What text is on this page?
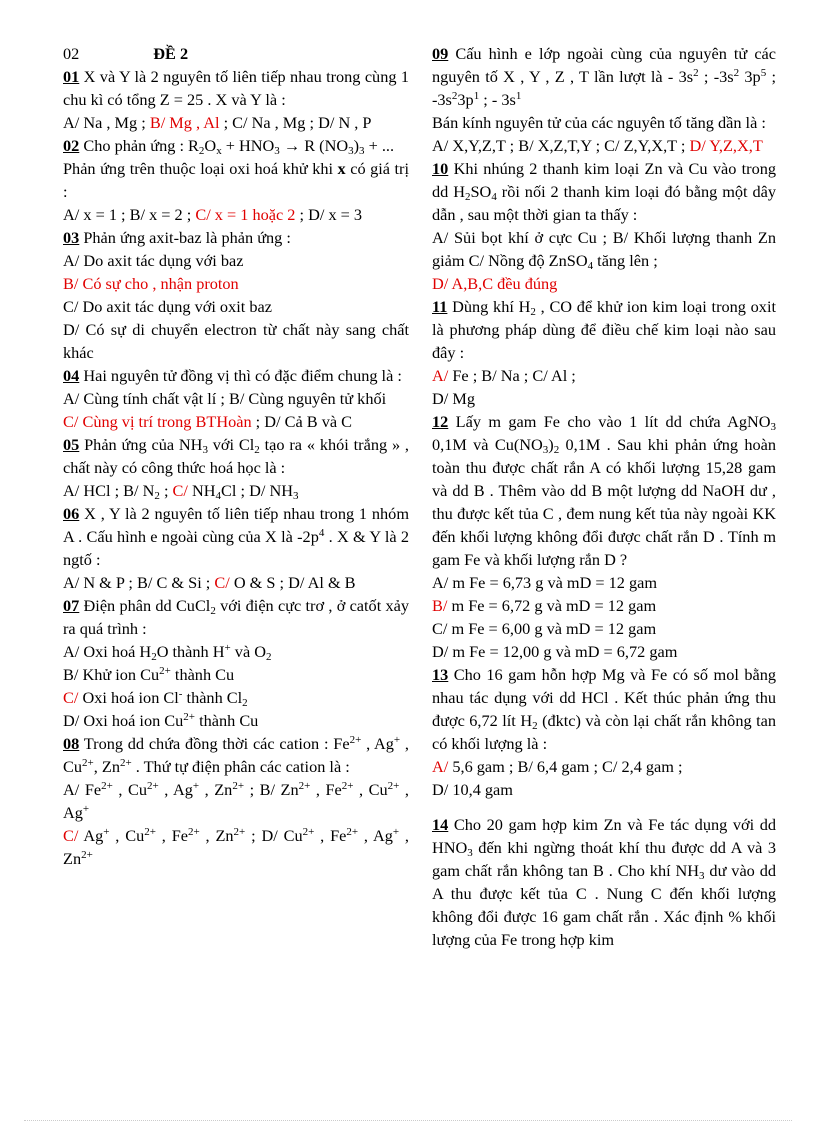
02	ĐỀ 2
01 X và Y là 2 nguyên tố liên tiếp nhau trong cùng 1 chu kì có tổng Z = 25 . X và Y là :
A/ Na , Mg ; B/ Mg , Al ; C/ Na , Mg ; D/ N , P
02 Cho phản ứng : $R_2O_x + HNO_3 \to R$ $(NO_3)_3$ + ...
Phản ứng trên thuộc loại oxi hoá khử khi x có giá trị :
A/ x = 1 ; B/ x = 2 ; C/ x = 1 hoặc 2 ; D/ x = 3
03 Phản ứng axit-baz là phản ứng :
A/ Do axit tác dụng với baz
B/ Có sự cho , nhận proton
C/ Do axit tác dụng với oxit baz
D/ Có sự di chuyển electron từ chất này sang chất khác
04 Hai nguyên tử đồng vị thì có đặc điểm chung là :
A/ Cùng tính chất vật lí ; B/ Cùng nguyên tử khối
C/ Cùng vị trí trong BTHoàn ; D/ Cả B và C
05 Phản ứng của $NH_3$ với $Cl_2$ tạo ra « khói trắng » , chất này có công thức hoá học là :
A/ HCl ; B/ $N_2$ ; C/ $NH_4Cl$ ; D/ $NH_3$
06 X , Y là 2 nguyên tố liên tiếp nhau trong 1 nhóm A . Cấu hình e ngoài cùng của X là $-2p^4$ . X & Y là 2 ngtố :
A/ N & P ; B/ C & Si ; C/ O & S ; D/ Al & B
07 Điện phân dd CuCl$_2$ với điện cực trơ , ở catốt xảy ra quá trình :
A/ Oxi hoá $H_2O$ thành H+ và $O_2$
B/ Khử ion $Cu^{2+}$ thành Cu
C/ Oxi hoá ion Cl- thành $Cl_2$
D/ Oxi hoá ion $Cu^{2+}$ thành Cu
08 Trong dd chứa đồng thời các cation : $Fe^{2+}$ , Ag+ , $Cu^{2+}$, $Zn^{2+}$ . Thứ tự điện phân các cation là :
A/ $Fe^{2+}$ , $Cu^{2+}$ , Ag+ , $Zn^{2+}$ ; B/ $Zn^{2+}$ , $Fe^{2+}$ , $Cu^{2+}$ , Ag+
C/ Ag+ , $Cu^{2+}$ , $Fe^{2+}$ , $Zn^{2+}$ ; D/ $Cu^{2+}$ , $Fe^{2+}$ , Ag+ , $Zn^{2+}$
09 Cấu hình e lớp ngoài cùng của nguyên tử các nguyên tố X , Y , Z , T lần lượt là - $3s^2$ ; $-3s^2$ $3p^5$ ; $-3s^23p^1$ ; - $3s^1$
Bán kính nguyên tử của các nguyên tố tăng dần là :
A/ X,Y,Z,T ; B/ X,Z,T,Y ; C/ Z,Y,X,T ; D/ Y,Z,X,T
10 Khi nhúng 2 thanh kim loại Zn và Cu vào trong dd $H_2SO_4$ rồi nối 2 thanh kim loại đó bằng một dây dẫn , sau một thời gian ta thấy :
A/ Sủi bọt khí ở cực Cu ; B/ Khối lượng thanh Zn giảm C/ Nồng độ ZnSO$_4$ tăng lên ;
D/ A,B,C đều đúng
11 Dùng khí $H_2$ , CO để khử ion kim loại trong oxit là phương pháp dùng để điều chế kim loại nào sau đây :
A/ Fe ; B/ Na ; C/ Al ;
D/ Mg
12 Lấy m gam Fe cho vào 1 lít dd chứa AgNO$_3$ 0,1M và $Cu(NO_3)_2$ 0,1M . Sau khi phản ứng hoàn toàn thu được chất rắn A có khối lượng 15,28 gam và dd B . Thêm vào dd B một lượng dd NaOH dư , thu được kết tủa C , đem nung kết tủa này ngoài KK đến khối lượng không đổi được chất rắn D . Tính m gam Fe và khối lượng rắn D ?
A/ m Fe = 6,73 g và mD = 12 gam
B/ m Fe = 6,72 g và mD = 12 gam
C/ m Fe = 6,00 g và mD = 12 gam
D/ m Fe = 12,00 g và mD = 6,72 gam
13 Cho 16 gam hỗn hợp Mg và Fe có số mol bằng nhau tác dụng với dd HCl . Kết thúc phản ứng thu được 6,72 lít $H_2$ (đktc) và còn lại chất rắn không tan có khối lượng là :
A/ 5,6 gam ; B/ 6,4 gam ; C/ 2,4 gam ;
D/ 10,4 gam
14 Cho 20 gam hợp kim Zn và Fe tác dụng với dd $HNO_3$ đến khi ngừng thoát khí thu được dd A và 3 gam chất rắn không tan B . Cho khí $NH_3$ dư vào dd A thu được kết tủa C . Nung C đến khối lượng không đổi được 16 gam chất rắn . Xác định % khối lượng của Fe trong hợp kim
